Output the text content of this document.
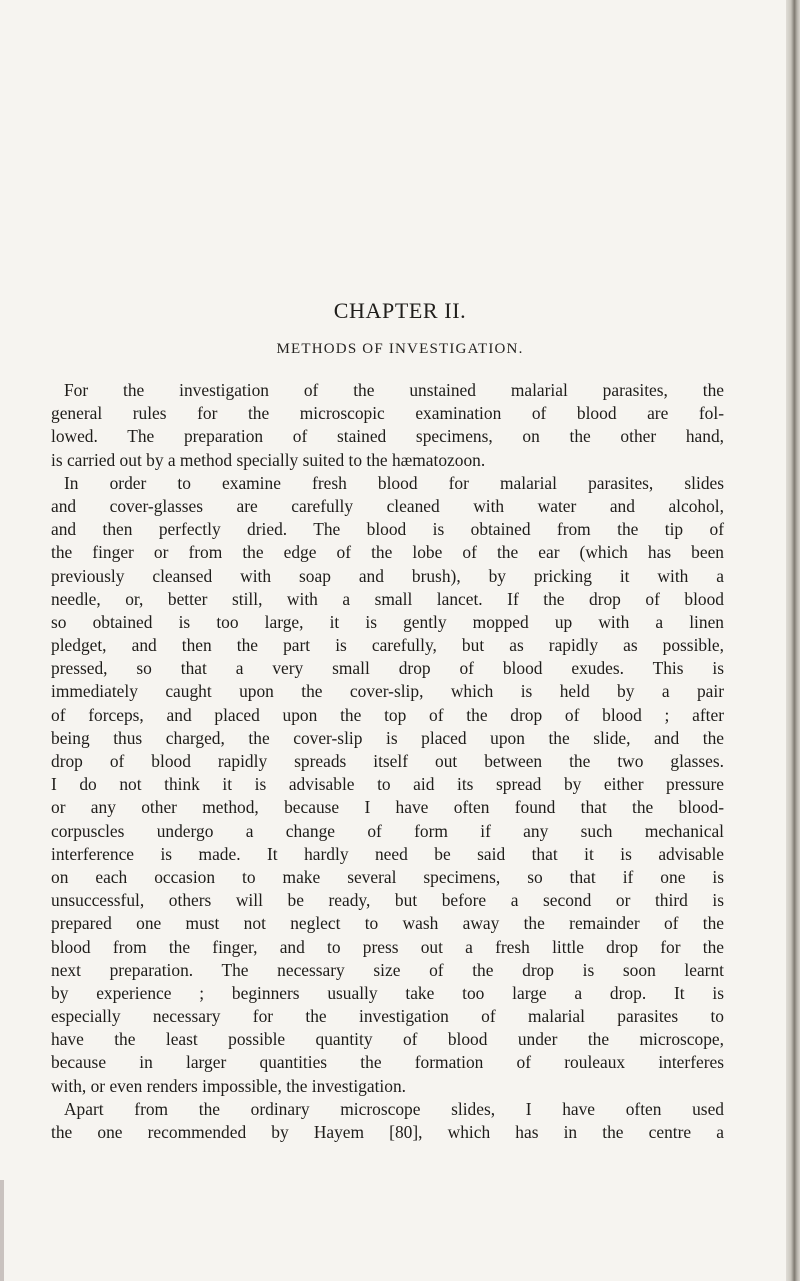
CHAPTER II.
METHODS OF INVESTIGATION.
For the investigation of the unstained malarial parasites, the
general rules for the microscopic examination of blood are fol-
lowed. The preparation of stained specimens, on the other hand,
is carried out by a method specially suited to the hæmatozoon.
In order to examine fresh blood for malarial parasites, slides
and cover-glasses are carefully cleaned with water and alcohol,
and then perfectly dried. The blood is obtained from the tip of
the finger or from the edge of the lobe of the ear (which has been
previously cleansed with soap and brush), by pricking it with a
needle, or, better still, with a small lancet. If the drop of blood
so obtained is too large, it is gently mopped up with a linen
pledget, and then the part is carefully, but as rapidly as possible,
pressed, so that a very small drop of blood exudes. This is
immediately caught upon the cover-slip, which is held by a pair
of forceps, and placed upon the top of the drop of blood ; after
being thus charged, the cover-slip is placed upon the slide, and the
drop of blood rapidly spreads itself out between the two glasses.
I do not think it is advisable to aid its spread by either pressure
or any other method, because I have often found that the blood-
corpuscles undergo a change of form if any such mechanical
interference is made. It hardly need be said that it is advisable
on each occasion to make several specimens, so that if one is
unsuccessful, others will be ready, but before a second or third is
prepared one must not neglect to wash away the remainder of the
blood from the finger, and to press out a fresh little drop for the
next preparation. The necessary size of the drop is soon learnt
by experience ; beginners usually take too large a drop. It is
especially necessary for the investigation of malarial parasites to
have the least possible quantity of blood under the microscope,
because in larger quantities the formation of rouleaux interferes
with, or even renders impossible, the investigation.
Apart from the ordinary microscope slides, I have often used
the one recommended by Hayem [80], which has in the centre a
